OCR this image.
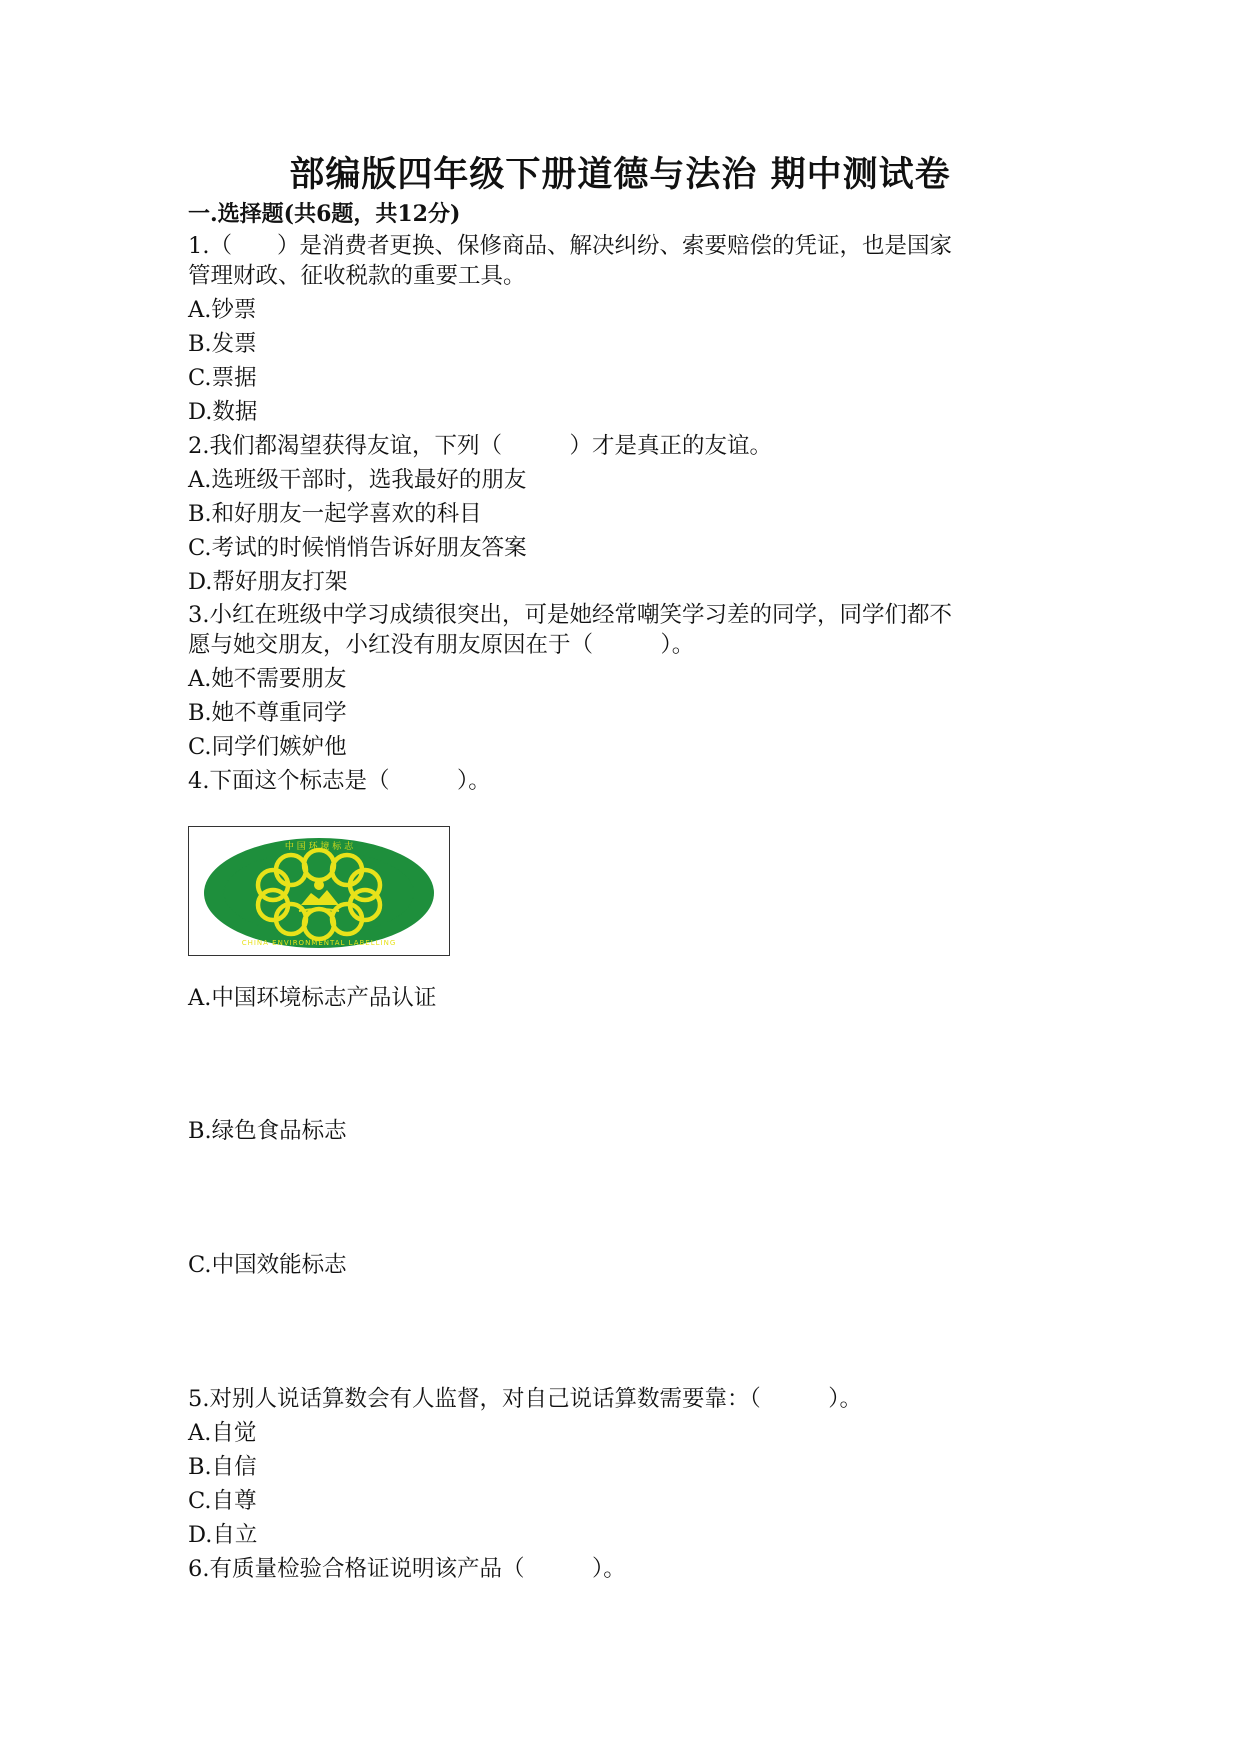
部编版四年级下册道德与法治 期中测试卷
一.选择题(共6题，共12分)
1.（　　）是消费者更换、保修商品、解决纠纷、索要赔偿的凭证，也是国家
管理财政、征收税款的重要工具。
A.钞票
B.发票
C.票据
D.数据
2.我们都渴望获得友谊，下列（　　　）才是真正的友谊。
A.选班级干部时，选我最好的朋友
B.和好朋友一起学喜欢的科目
C.考试的时候悄悄告诉好朋友答案
D.帮好朋友打架
3.小红在班级中学习成绩很突出，可是她经常嘲笑学习差的同学，同学们都不
愿与她交朋友，小红没有朋友原因在于（　　　）。
A.她不需要朋友
B.她不尊重同学
C.同学们嫉妒他
4.下面这个标志是（　　　）。
中 国 环 境 标 志
CHINA ENVIRONMENTAL LABELLING
A.中国环境标志产品认证
B.绿色食品标志
C.中国效能标志
5.对别人说话算数会有人监督，对自己说话算数需要靠：（　　　）。
A.自觉
B.自信
C.自尊
D.自立
6.有质量检验合格证说明该产品（　　　）。
